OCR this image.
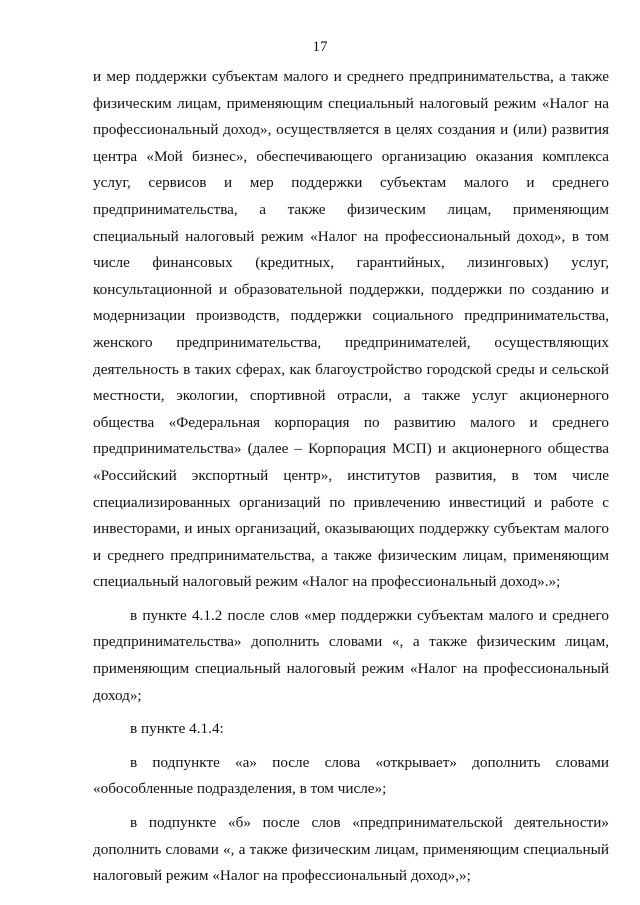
17

и мер поддержки субъектам малого и среднего предпринимательства, а также физическим лицам, применяющим специальный налоговый режим «Налог на профессиональный доход», осуществляется в целях создания и (или) развития центра «Мой бизнес», обеспечивающего организацию оказания комплекса услуг, сервисов и мер поддержки субъектам малого и среднего предпринимательства, а также физическим лицам, применяющим специальный налоговый режим «Налог на профессиональный доход», в том числе финансовых (кредитных, гарантийных, лизинговых) услуг, консультационной и образовательной поддержки, поддержки по созданию и модернизации производств, поддержки социального предпринимательства, женского предпринимательства, предпринимателей, осуществляющих деятельность в таких сферах, как благоустройство городской среды и сельской местности, экологии, спортивной отрасли, а также услуг акционерного общества «Федеральная корпорация по развитию малого и среднего предпринимательства» (далее – Корпорация МСП) и акционерного общества «Российский экспортный центр», институтов развития, в том числе специализированных организаций по привлечению инвестиций и работе с инвесторами, и иных организаций, оказывающих поддержку субъектам малого и среднего предпринимательства, а также физическим лицам, применяющим специальный налоговый режим «Налог на профессиональный доход».»;

в пункте 4.1.2 после слов «мер поддержки субъектам малого и среднего предпринимательства» дополнить словами «, а также физическим лицам, применяющим специальный налоговый режим «Налог на профессиональный доход»;

в пункте 4.1.4:

в подпункте «а» после слова «открывает» дополнить словами «обособленные подразделения, в том числе»;

в подпункте «б» после слов «предпринимательской деятельности» дополнить словами «, а также физическим лицам, применяющим специальный налоговый режим «Налог на профессиональный доход»,»;
